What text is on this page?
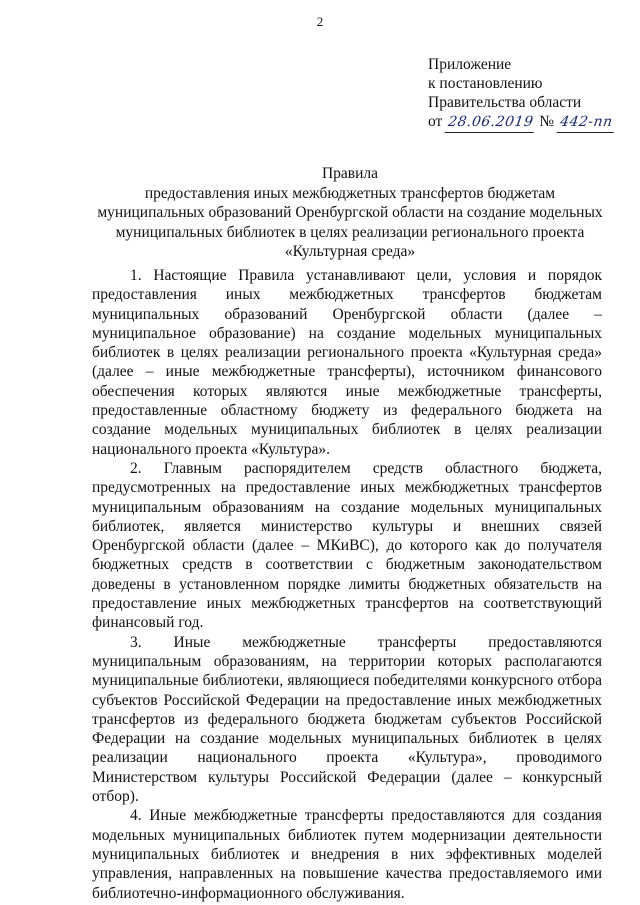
2
Приложение
к постановлению
Правительства области
от 28.06.2019 № 442-пп
Правила
предоставления иных межбюджетных трансфертов бюджетам
муниципальных образований Оренбургской области на создание модельных
муниципальных библиотек в целях реализации регионального проекта
«Культурная среда»

1. Настоящие Правила устанавливают цели, условия и порядок предоставления иных межбюджетных трансфертов бюджетам муниципальных образований Оренбургской области (далее – муниципальное образование) на создание модельных муниципальных библиотек в целях реализации регионального проекта «Культурная среда» (далее – иные межбюджетные трансферты), источником финансового обеспечения которых являются иные межбюджетные трансферты, предоставленные областному бюджету из федерального бюджета на создание модельных муниципальных библиотек в целях реализации национального проекта «Культура».

2. Главным распорядителем средств областного бюджета, предусмотренных на предоставление иных межбюджетных трансфертов муниципальным образованиям на создание модельных муниципальных библиотек, является министерство культуры и внешних связей Оренбургской области (далее – МКиВС), до которого как до получателя бюджетных средств в соответствии с бюджетным законодательством доведены в установленном порядке лимиты бюджетных обязательств на предоставление иных межбюджетных трансфертов на соответствующий финансовый год.

3. Иные межбюджетные трансферты предоставляются муниципальным образованиям, на территории которых располагаются муниципальные библиотеки, являющиеся победителями конкурсного отбора субъектов Российской Федерации на предоставление иных межбюджетных трансфертов из федерального бюджета бюджетам субъектов Российской Федерации на создание модельных муниципальных библиотек в целях реализации национального проекта «Культура», проводимого Министерством культуры Российской Федерации (далее – конкурсный отбор).

4. Иные межбюджетные трансферты предоставляются для создания модельных муниципальных библиотек путем модернизации деятельности муниципальных библиотек и внедрения в них эффективных моделей управления, направленных на повышение качества предоставляемого ими библиотечно-информационного обслуживания.
